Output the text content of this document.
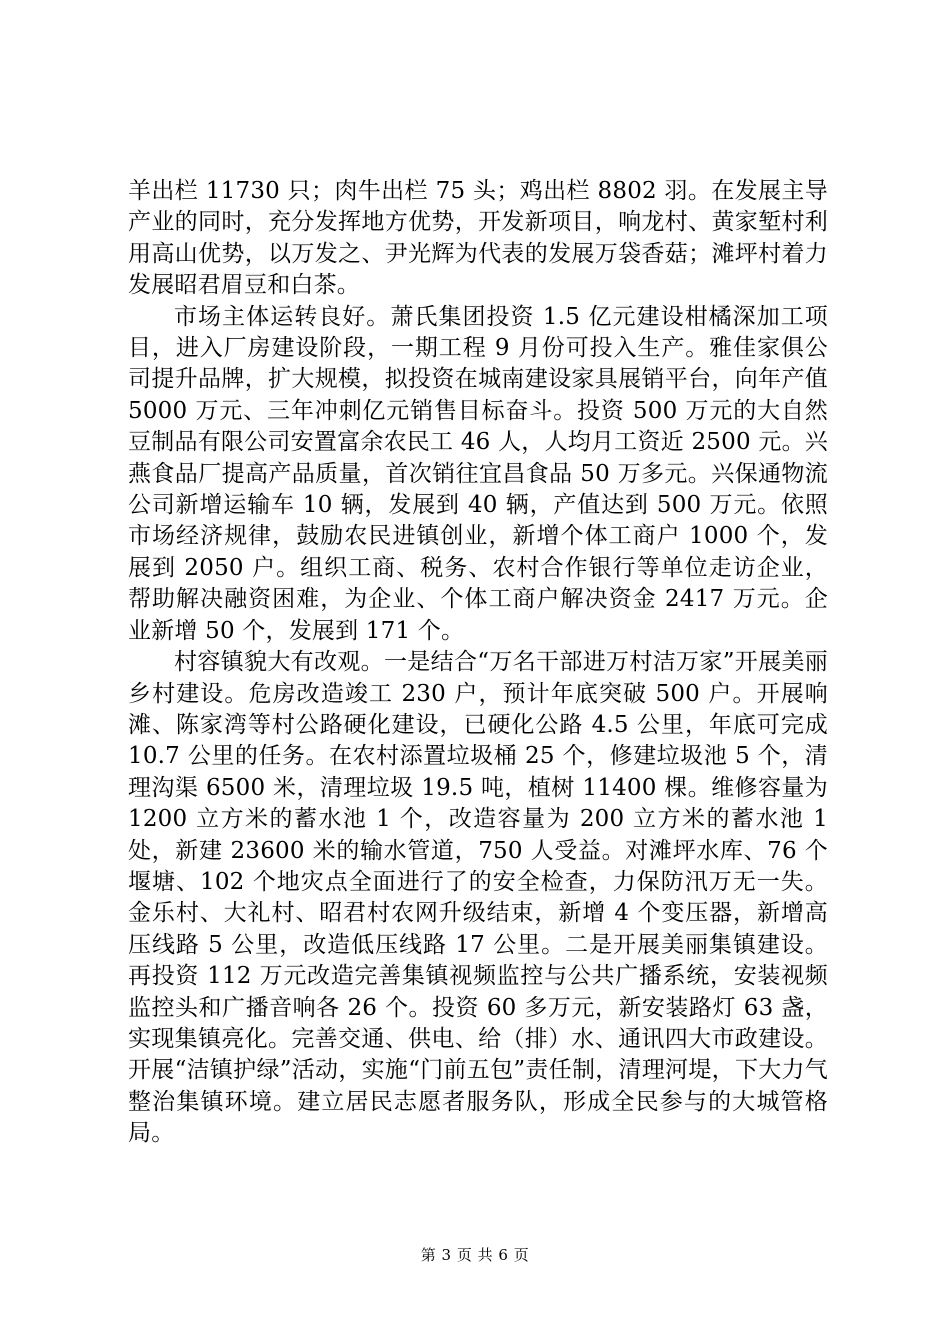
羊出栏 11730 只；肉牛出栏 75 头；鸡出栏 8802 羽。在发展主导产业的同时，充分发挥地方优势，开发新项目，响龙村、黄家堑村利用高山优势，以万发之、尹光辉为代表的发展万袋香菇；滩坪村着力发展昭君眉豆和白茶。

市场主体运转良好。萧氏集团投资 1.5 亿元建设柑橘深加工项目，进入厂房建设阶段，一期工程 9 月份可投入生产。雅佳家俱公司提升品牌，扩大规模，拟投资在城南建设家具展销平台，向年产值 5000 万元、三年冲刺亿元销售目标奋斗。投资 500 万元的大自然豆制品有限公司安置富余农民工 46 人，人均月工资近 2500 元。兴燕食品厂提高产品质量，首次销往宜昌食品 50 万多元。兴保通物流公司新增运输车 10 辆，发展到 40 辆，产值达到 500 万元。依照市场经济规律，鼓励农民进镇创业，新增个体工商户 1000 个，发展到 2050 户。组织工商、税务、农村合作银行等单位走访企业，帮助解决融资困难，为企业、个体工商户解决资金 2417 万元。企业新增 50 个，发展到 171 个。

村容镇貌大有改观。一是结合“万名干部进万村洁万家”开展美丽乡村建设。危房改造竣工 230 户，预计年底突破 500 户。开展响滩、陈家湾等村公路硬化建设，已硬化公路 4.5 公里，年底可完成 10.7 公里的任务。在农村添置垃圾桶 25 个，修建垃圾池 5 个，清理沟渠 6500 米，清理垃圾 19.5 吨，植树 11400 棵。维修容量为 1200 立方米的蓄水池 1 个，改造容量为 200 立方米的蓄水池 1 处，新建 23600 米的输水管道，750 人受益。对滩坪水库、76 个堰塘、102 个地灾点全面进行了的安全检查，力保防汛万无一失。金乐村、大礼村、昭君村农网升级结束，新增 4 个变压器，新增高压线路 5 公里，改造低压线路 17 公里。二是开展美丽集镇建设。再投资 112 万元改造完善集镇视频监控与公共广播系统，安装视频监控头和广播音响各 26 个。投资 60 多万元，新安装路灯 63 盏，实现集镇亮化。完善交通、供电、给（排）水、通讯四大市政建设。开展“洁镇护绿”活动，实施“门前五包”责任制，清理河堤，下大力气整治集镇环境。建立居民志愿者服务队，形成全民参与的大城管格局。

第 3 页 共 6 页
